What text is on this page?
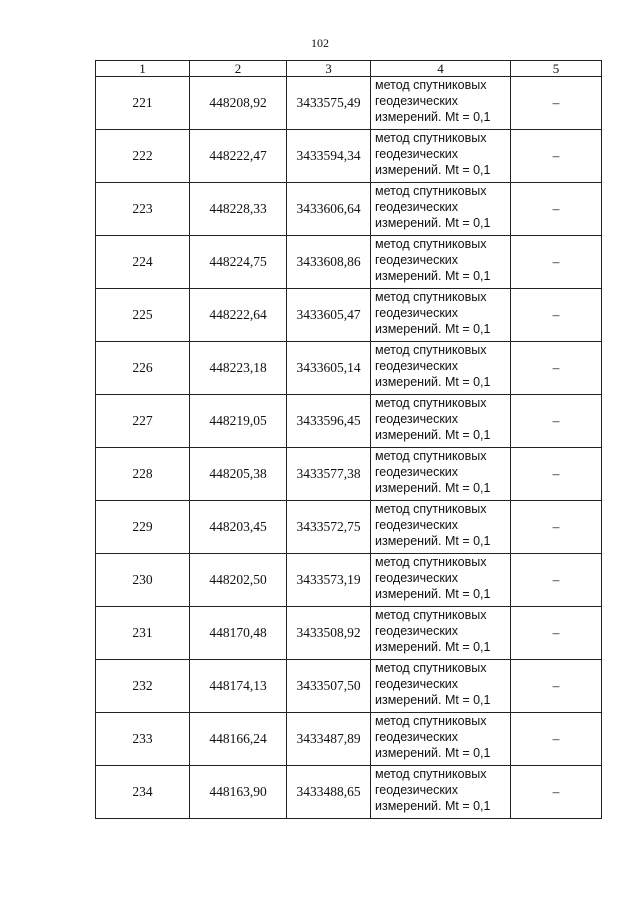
102
1	2	3	4	5
221	448208,92	3433575,49	метод спутниковых
геодезических
измерений. Mt = 0,1	–
222	448222,47	3433594,34	метод спутниковых
геодезических
измерений. Mt = 0,1	–
223	448228,33	3433606,64	метод спутниковых
геодезических
измерений. Mt = 0,1	–
224	448224,75	3433608,86	метод спутниковых
геодезических
измерений. Mt = 0,1	–
225	448222,64	3433605,47	метод спутниковых
геодезических
измерений. Mt = 0,1	–
226	448223,18	3433605,14	метод спутниковых
геодезических
измерений. Mt = 0,1	–
227	448219,05	3433596,45	метод спутниковых
геодезических
измерений. Mt = 0,1	–
228	448205,38	3433577,38	метод спутниковых
геодезических
измерений. Mt = 0,1	–
229	448203,45	3433572,75	метод спутниковых
геодезических
измерений. Mt = 0,1	–
230	448202,50	3433573,19	метод спутниковых
геодезических
измерений. Mt = 0,1	–
231	448170,48	3433508,92	метод спутниковых
геодезических
измерений. Mt = 0,1	–
232	448174,13	3433507,50	метод спутниковых
геодезических
измерений. Mt = 0,1	–
233	448166,24	3433487,89	метод спутниковых
геодезических
измерений. Mt = 0,1	–
234	448163,90	3433488,65	метод спутниковых
геодезических
измерений. Mt = 0,1	–
